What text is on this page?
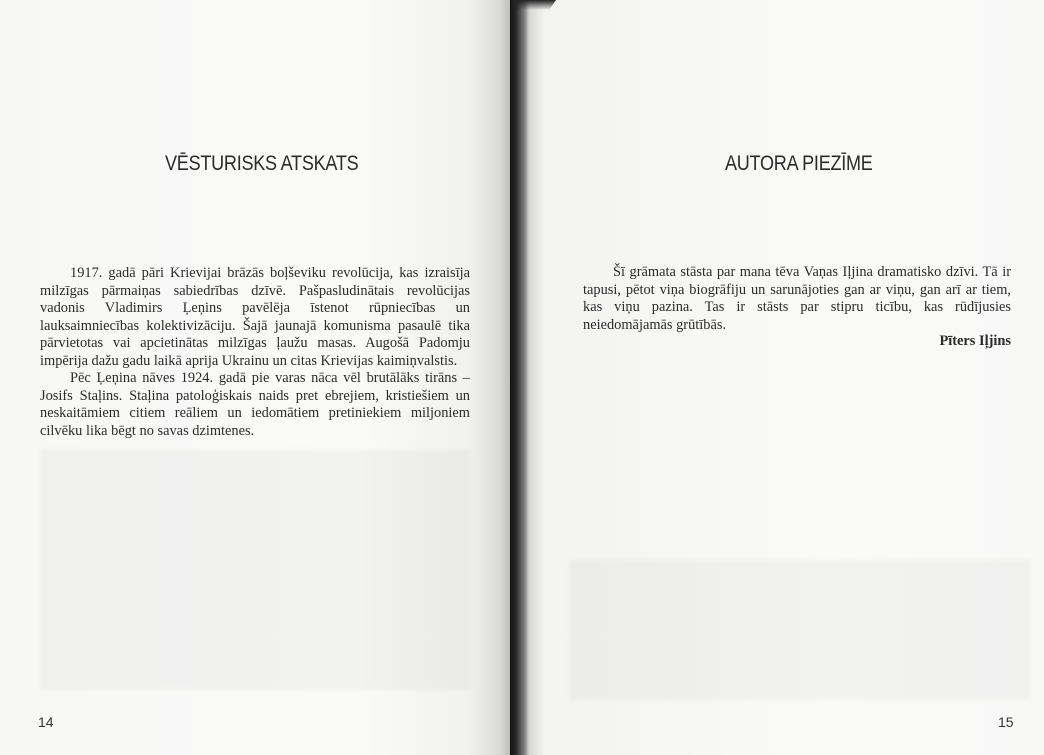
VĒSTURISKS ATSKATS

1917. gadā pāri Krievijai brāzās boļševiku revolūcija, kas izraisīja milzīgas pārmaiņas sabiedrības dzīvē. Pašpasludinātais revolūcijas vadonis Vladimirs Ļeņins pavēlēja īstenot rūpniecības un lauksaimniecības kolektivizāciju. Šajā jaunajā komunisma pasaulē tika pārvietotas vai apcietinātas milzīgas ļaužu masas. Augošā Padomju impērija dažu gadu laikā aprija Ukrainu un citas Krievijas kaimiņvalstis.

Pēc Ļeņina nāves 1924. gadā pie varas nāca vēl brutālāks tirāns – Josifs Staļins. Staļina patoloģiskais naids pret ebrejiem, kristiešiem un neskaitāmiem citiem reāliem un iedomātiem pretiniekiem miljoniem cilvēku lika bēgt no savas dzimtenes.

14
AUTORA PIEZĪME

Šī grāmata stāsta par mana tēva Vaņas Iļjina dramatisko dzīvi. Tā ir tapusi, pētot viņa biogrāfiju un sarunājoties gan ar viņu, gan arī ar tiem, kas viņu pazina. Tas ir stāsts par stipru ticību, kas rūdījusies neiedomājamās grūtībās.

Pīters Iļjins
15
